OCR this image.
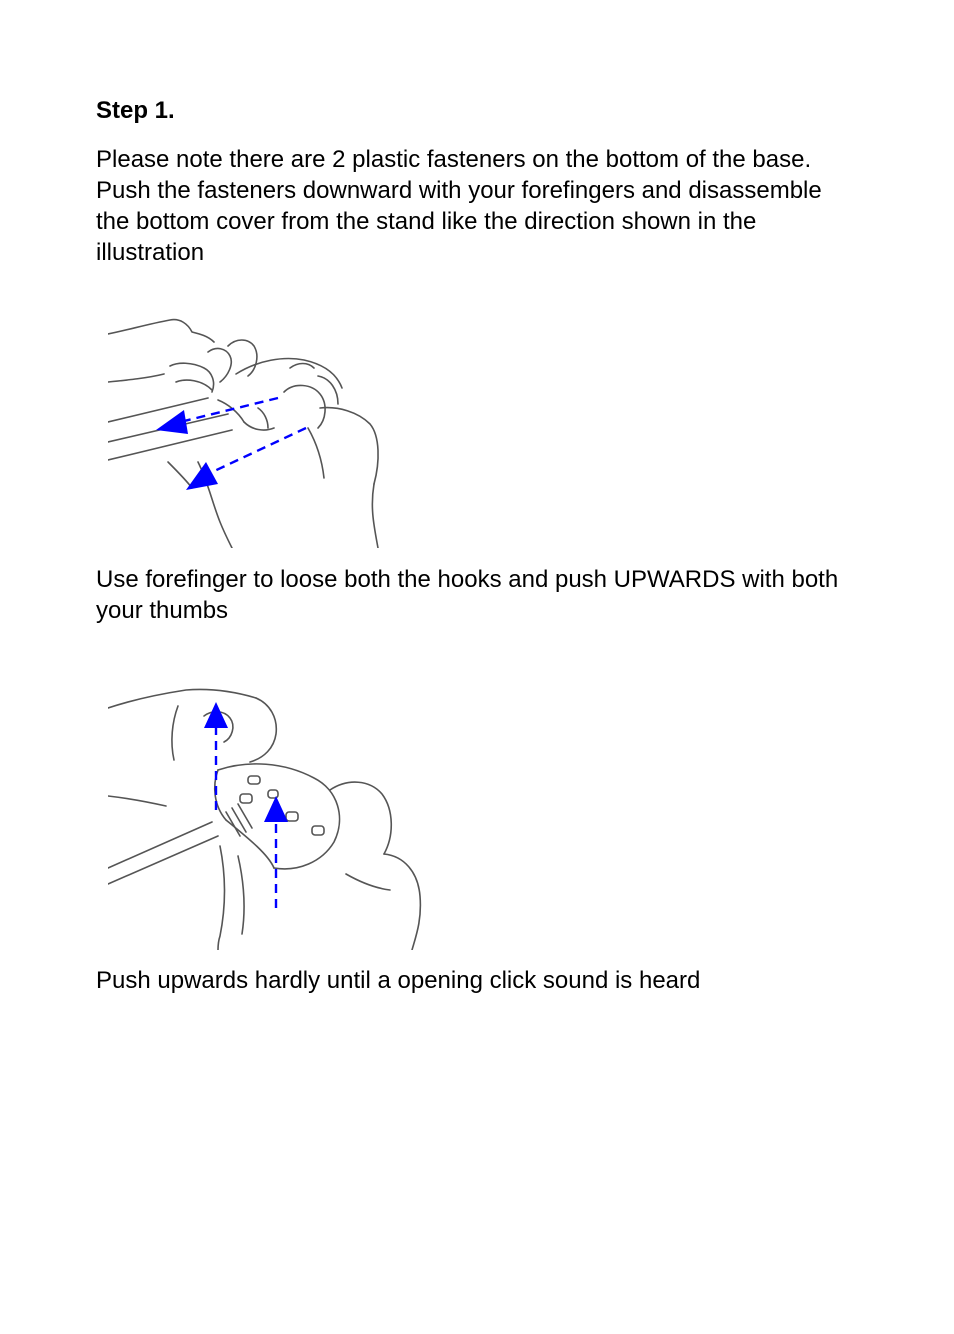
Step 1.

Please note there are 2 plastic fasteners on the bottom of the base. Push the fasteners downward with your forefingers and disassemble the bottom cover from the stand like the direction shown in the illustration

Use forefinger to loose both the hooks and push UPWARDS with both your thumbs

Push upwards hardly until a opening click sound is heard
